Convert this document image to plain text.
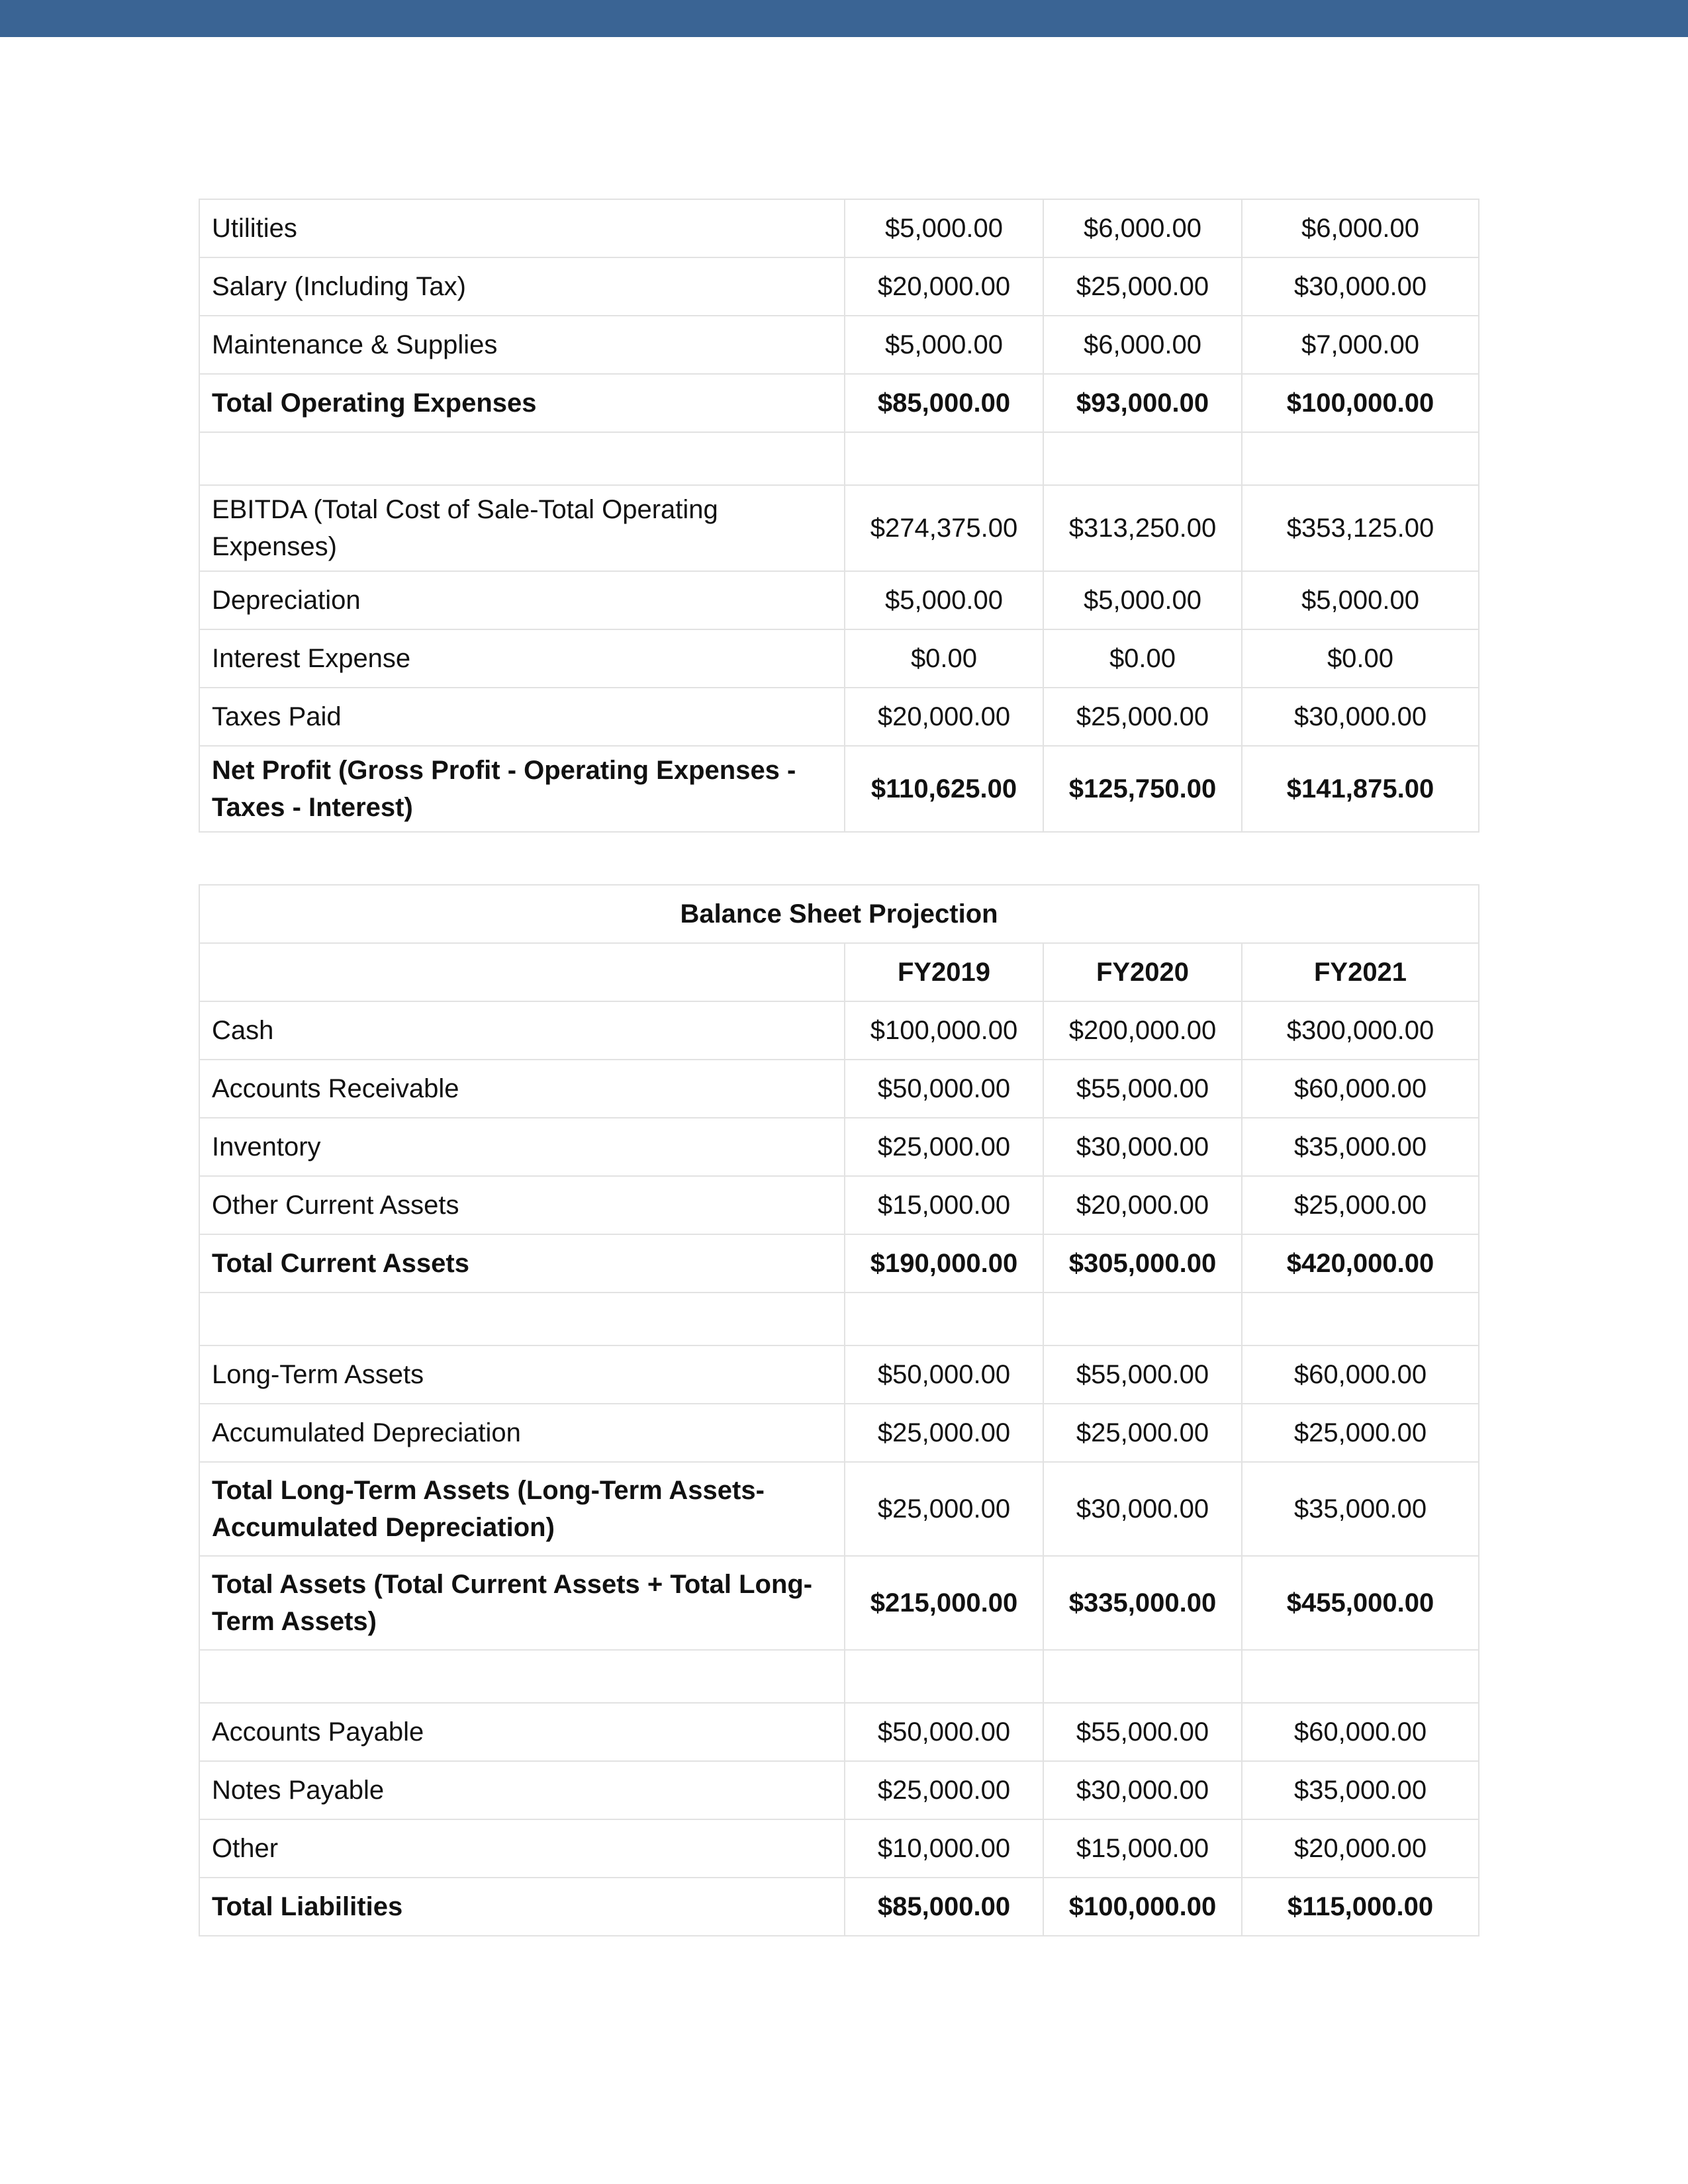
Utilities	$5,000.00	$6,000.00	$6,000.00
Salary (Including Tax)	$20,000.00	$25,000.00	$30,000.00
Maintenance & Supplies	$5,000.00	$6,000.00	$7,000.00
Total Operating Expenses	$85,000.00	$93,000.00	$100,000.00

EBITDA (Total Cost of Sale-Total Operating Expenses)	$274,375.00	$313,250.00	$353,125.00
Depreciation	$5,000.00	$5,000.00	$5,000.00
Interest Expense	$0.00	$0.00	$0.00
Taxes Paid	$20,000.00	$25,000.00	$30,000.00
Net Profit (Gross Profit - Operating Expenses - Taxes - Interest)	$110,625.00	$125,750.00	$141,875.00
Balance Sheet Projection			
	FY2019	FY2020	FY2021
Cash	$100,000.00	$200,000.00	$300,000.00
Accounts Receivable	$50,000.00	$55,000.00	$60,000.00
Inventory	$25,000.00	$30,000.00	$35,000.00
Other Current Assets	$15,000.00	$20,000.00	$25,000.00
Total Current Assets	$190,000.00	$305,000.00	$420,000.00

Long-Term Assets	$50,000.00	$55,000.00	$60,000.00
Accumulated Depreciation	$25,000.00	$25,000.00	$25,000.00
Total Long-Term Assets (Long-Term Assets-Accumulated Depreciation)	$25,000.00	$30,000.00	$35,000.00
Total Assets (Total Current Assets + Total Long-Term Assets)	$215,000.00	$335,000.00	$455,000.00

Accounts Payable	$50,000.00	$55,000.00	$60,000.00
Notes Payable	$25,000.00	$30,000.00	$35,000.00
Other	$10,000.00	$15,000.00	$20,000.00
Total Liabilities	$85,000.00	$100,000.00	$115,000.00
